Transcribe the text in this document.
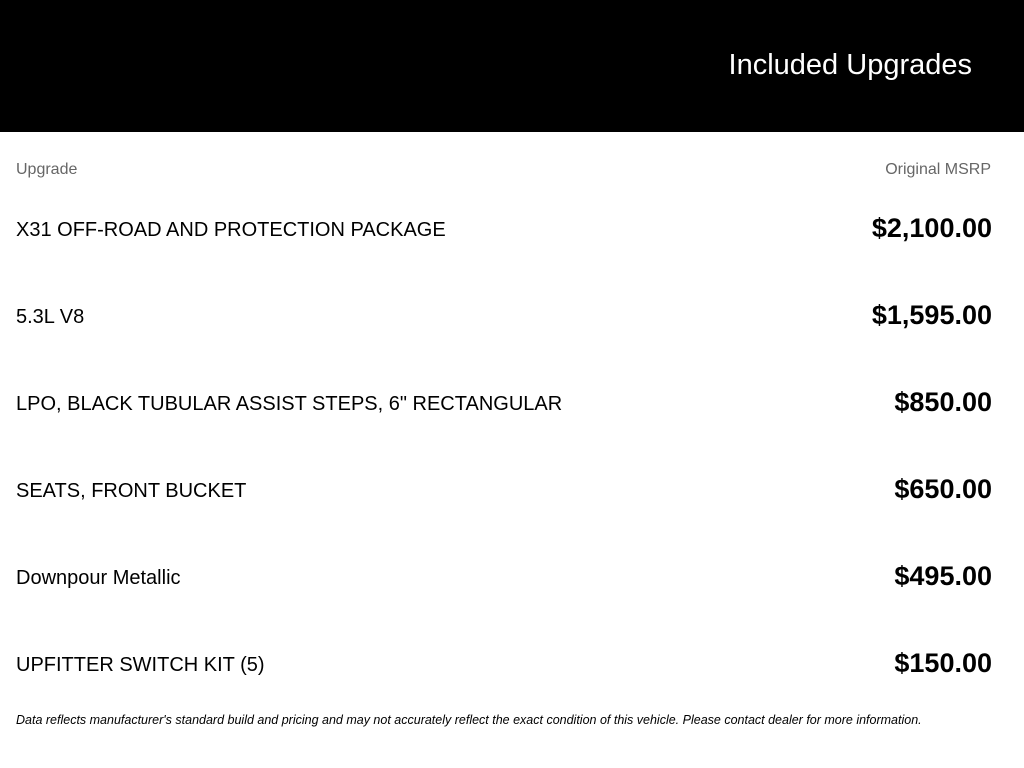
Included Upgrades
Upgrade	Original MSRP
X31 OFF-ROAD AND PROTECTION PACKAGE	$2,100.00
5.3L V8	$1,595.00
LPO, BLACK TUBULAR ASSIST STEPS, 6" RECTANGULAR	$850.00
SEATS, FRONT BUCKET	$650.00
Downpour Metallic	$495.00
UPFITTER SWITCH KIT (5)	$150.00
Data reflects manufacturer's standard build and pricing and may not accurately reflect the exact condition of this vehicle. Please contact dealer for more information.
